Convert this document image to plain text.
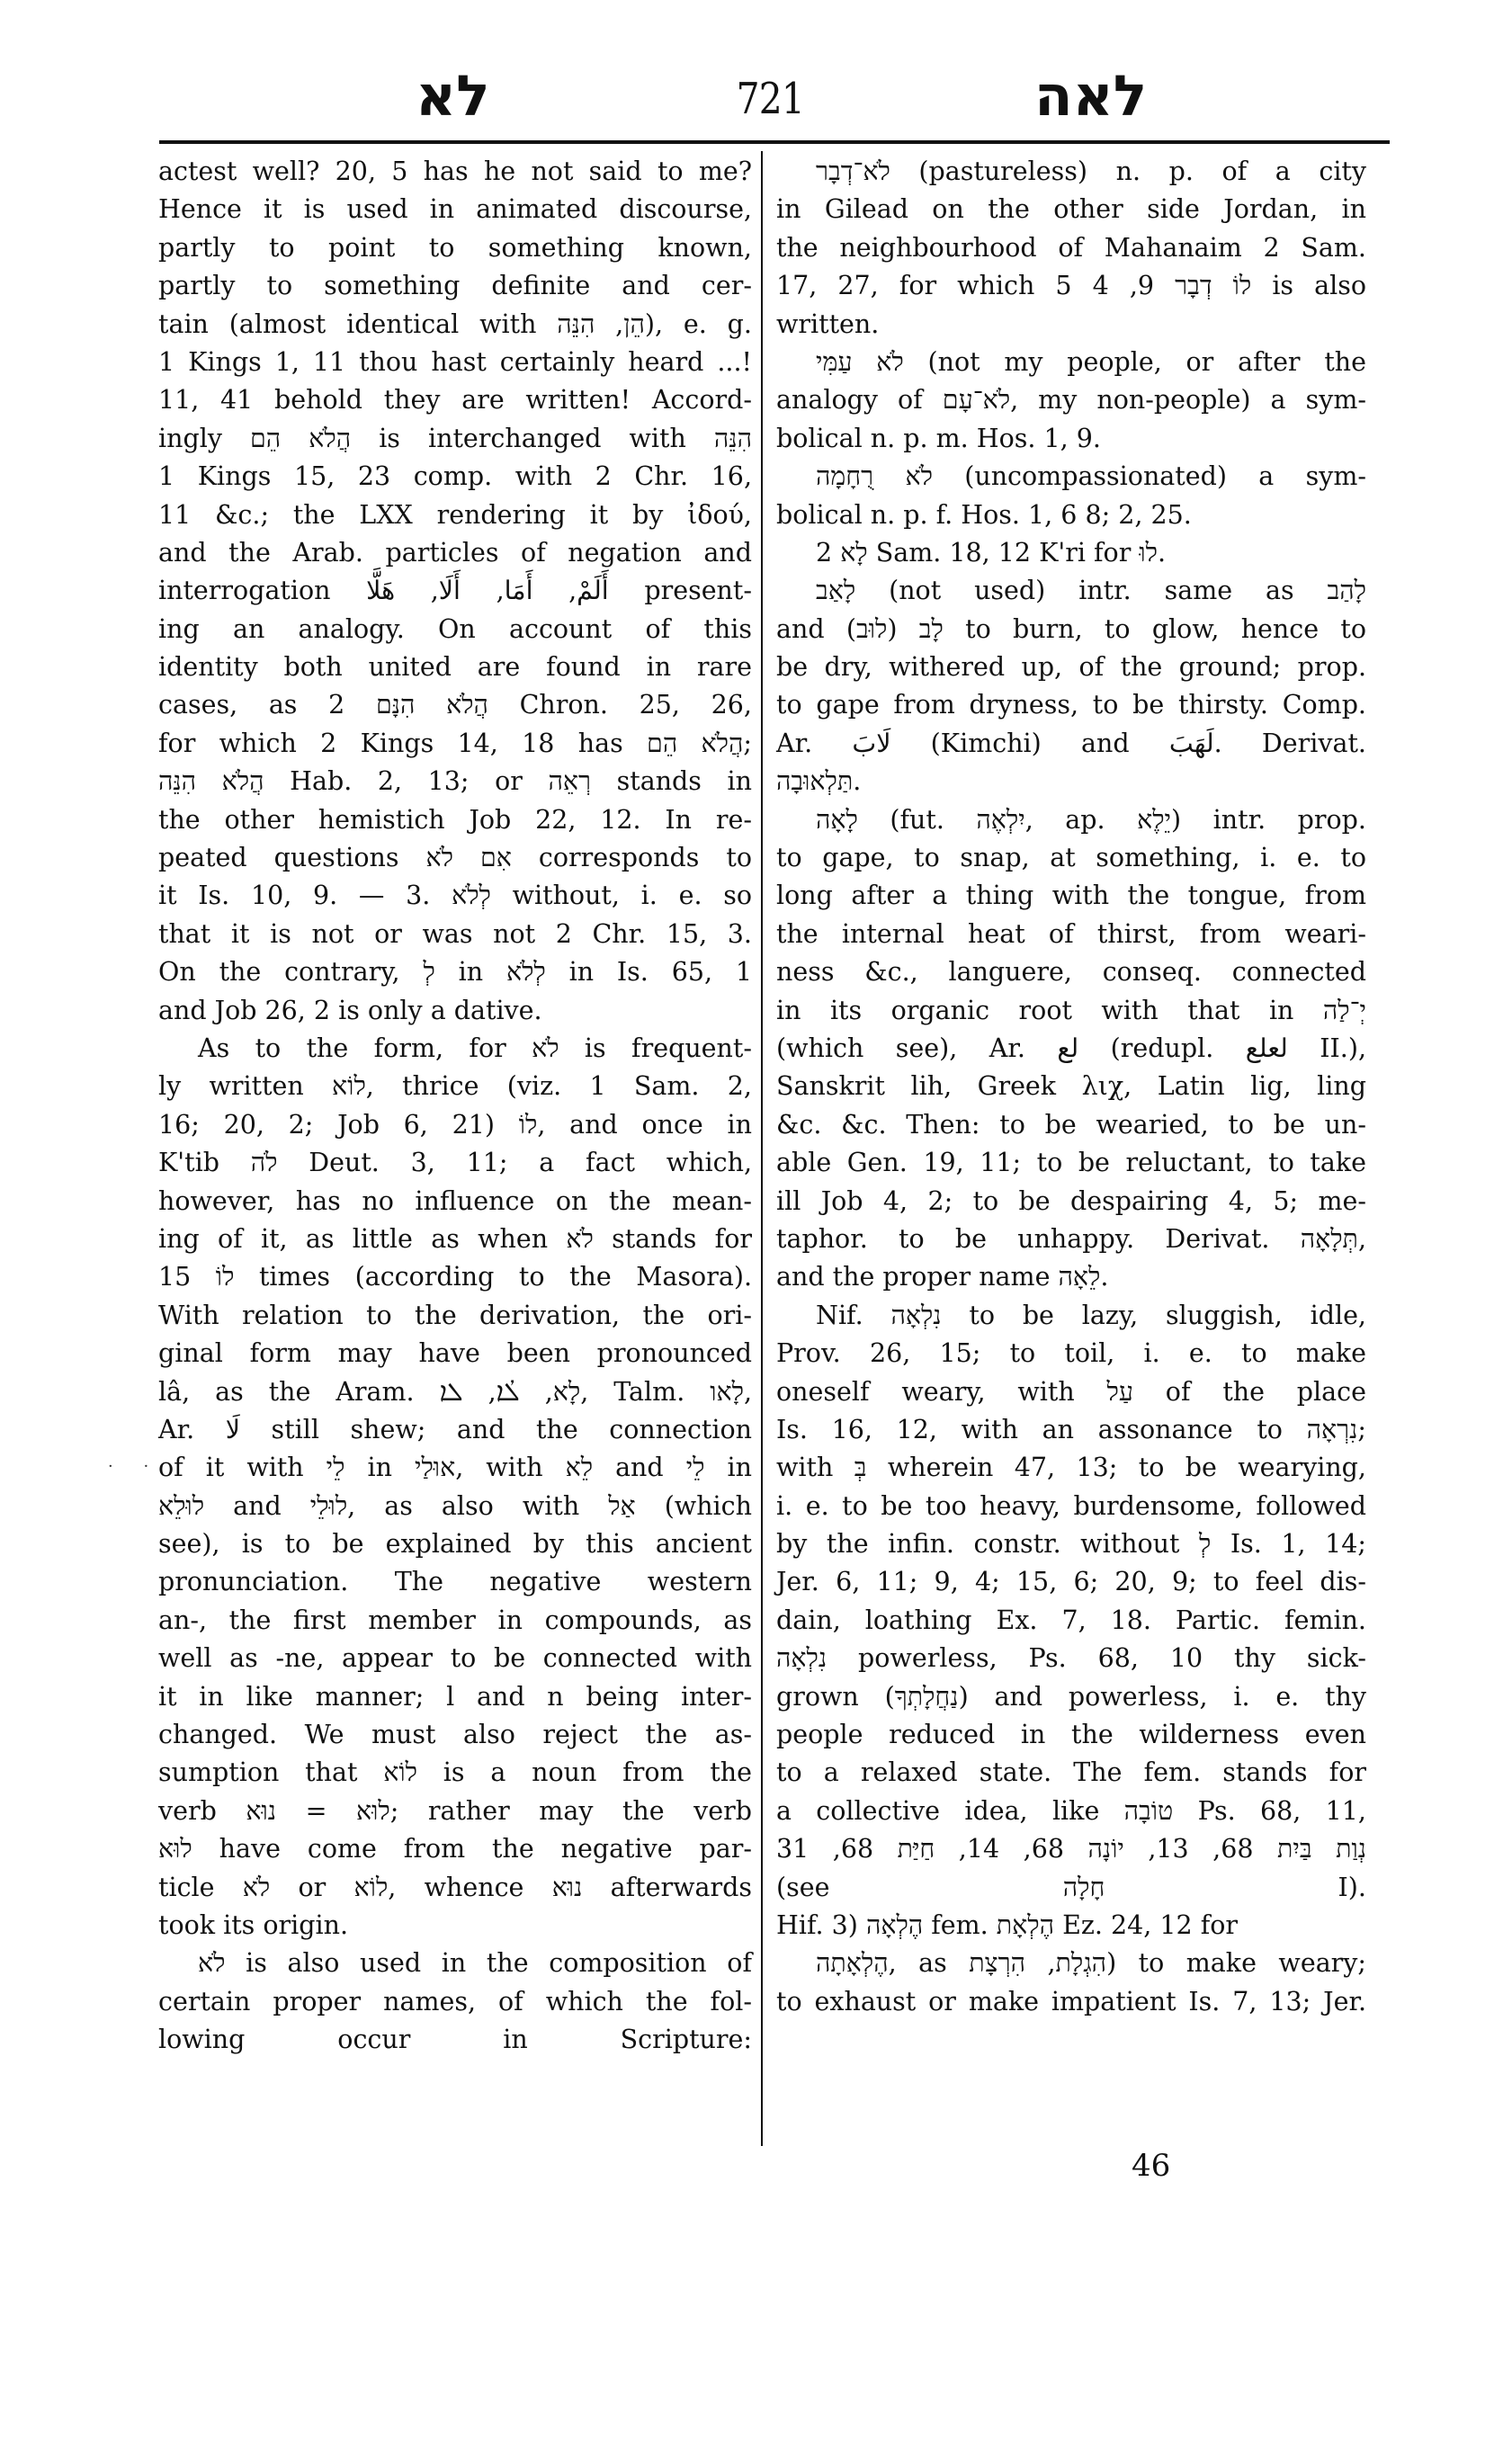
לא	721	לאה
· ·
actest well? 20, 5 has he not said to me?
Hence it is used in animated discourse,
partly to point to something known,
partly to something definite and cer-
tain (almost identical with הֵן, הִנֵּה), e. g.
1 Kings 1, 11 thou hast certainly heard ...!
11, 41 behold they are written! Accord-
ingly הֲלֹא הֵם is interchanged with הִנֵּה
1 Kings 15, 23 comp. with 2 Chr. 16,
11 &c.; the LXX rendering it by ἰδού,
and the Arab. particles of negation and
interrogation أَلَمْ, أَمَا, أَلَا, هَلَّا present-
ing an analogy. On account of this
identity both united are found in rare
cases, as הֲלֹא הִנָּם 2 Chron. 25, 26,
for which 2 Kings 14, 18 has הֲלֹא הֵם;
הֲלֹא הִנֵּה Hab. 2, 13; or רְאֵה stands in
the other hemistich Job 22, 12. In re-
peated questions אִם לֹא corresponds to
it Is. 10, 9. — 3. לְלֹא without, i. e. so
that it is not or was not 2 Chr. 15, 3.
On the contrary, לְ in לְלֹא in Is. 65, 1
and Job 26, 2 is only a dative.
As to the form, for לֹא is frequent-
ly written לוֹא, thrice (viz. 1 Sam. 2,
16; 20, 2; Job 6, 21) לוֹ, and once in
K'tib לֹה Deut. 3, 11; a fact which,
however, has no influence on the mean-
ing of it, as little as when לֹא stands for
לוֹ 15 times (according to the Masora).
With relation to the derivation, the ori-
ginal form may have been pronounced
lâ, as the Aram. לָא, ܠܳܐ, ܠܐ, Talm. לָאו,
Ar. لَا still shew; and the connection
of it with לֵי in אוּלַי, with לֵא and לֵי in
לוּלֵא and לוּלֵי, as also with אַל (which
see), is to be explained by this ancient
pronunciation. The negative western
an-, the first member in compounds, as
well as -ne, appear to be connected with
it in like manner; l and n being inter-
changed. We must also reject the as-
sumption that לוֹא is a noun from the
verb לוּא = נוּא; rather may the verb
לוּא have come from the negative par-
ticle לֹא or לוֹא, whence נוּא afterwards
took its origin.
לֹא is also used in the composition of
certain proper names, of which the fol-
lowing occur in Scripture:
לֹא־דְבָר (pastureless) n. p. of a city
in Gilead on the other side Jordan, in
the neighbourhood of Mahanaim 2 Sam.
17, 27, for which לוֹ דְבָר 9, 4 5 is also
written.
לֹא עַמִּי (not my people, or after the
analogy of לֹא־עָם, my non-people) a sym-
bolical n. p. m. Hos. 1, 9.
לֹא רֻחָמָה (uncompassionated) a sym-
bolical n. p. f. Hos. 1, 6 8; 2, 25.
לָא 2 Sam. 18, 12 K'ri for לוּ.
לָאַב (not used) intr. same as לָהַב
and לָב (לוּב) to burn, to glow, hence to
be dry, withered up, of the ground; prop.
to gape from dryness, to be thirsty. Comp.
Ar. لَابَ (Kimchi) and لَهَبَ. Derivat.
תַּלְאוּבָה.
לָאָה (fut. יִלְאֶה, ap. יֵלֶא) intr. prop.
to gape, to snap, at something, i. e. to
long after a thing with the tongue, from
the internal heat of thirst, from weari-
ness &c., languere, conseq. connected
in its organic root with that in יְ־לַה
(which see), Ar. لع (redupl. لعلع II.),
Sanskrit lih, Greek λιχ, Latin lig, ling
&c. &c. Then: to be wearied, to be un-
able Gen. 19, 11; to be reluctant, to take
ill Job 4, 2; to be despairing 4, 5; me-
taphor. to be unhappy. Derivat. תְּלָאָה,
and the proper name לֵאָה.
Nif. נִלְאָה to be lazy, sluggish, idle,
Prov. 26, 15; to toil, i. e. to make
oneself weary, with עַל of the place
Is. 16, 12, with an assonance to נִרְאָה;
with בְּ wherein 47, 13; to be wearying,
i. e. to be too heavy, burdensome, followed
by the infin. constr. without לְ Is. 1, 14;
Jer. 6, 11; 9, 4; 15, 6; 20, 9; to feel dis-
dain, loathing Ex. 7, 18. Partic. femin.
נִלְאָה powerless, Ps. 68, 10 thy sick-
grown (נַחֲלָתְךָ) and powerless, i. e. thy
people reduced in the wilderness even
to a relaxed state. The fem. stands for
a collective idea, like טוֹבָה Ps. 68, 11,
נְוַת בַּיִת 68, 13, יוֹנָה 68, 14, חַיַּת 68, 31
(see חָלָה I).
Hif. הֶלְאָה (3 fem. הֶלְאָת Ez. 24, 12 for
הֶלְאָתָה, as הִגְלָת, הִרְצָת) to make weary;
to exhaust or make impatient Is. 7, 13; Jer.
46
